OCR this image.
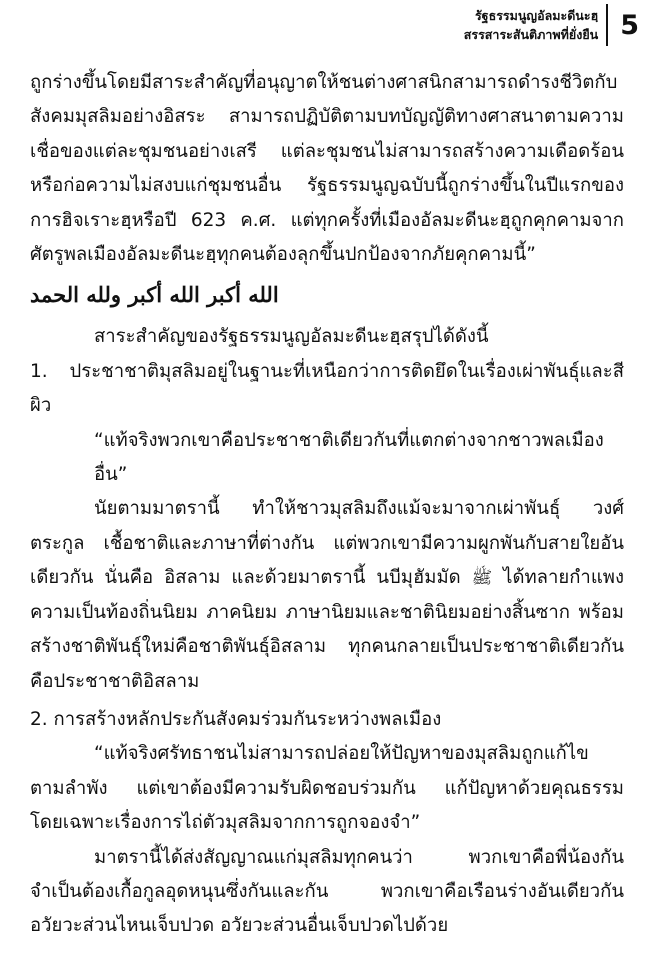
รัฐธรรมนูญอัลมะดีนะฮฺ
สรรสาระสันติภาพที่ยั่งยืน 5

ถูกร่างขึ้นโดยมีสาระสำคัญที่อนุญาตให้ชนต่างศาสนิกสามารถดำรงชีวิตกับ

สังคมมุสลิมอย่างอิสระ สามารถปฏิบัติตามบทบัญญัติทางศาสนาตามความ

เชื่อของแต่ละชุมชนอย่างเสรี แต่ละชุมชนไม่สามารถสร้างความเดือดร้อน

หรือก่อความไม่สงบแก่ชุมชนอื่น รัฐธรรมนูญฉบับนี้ถูกร่างขึ้นในปีแรกของ

การฮิจเราะฮฺหรือปี 623 ค.ศ. แต่ทุกครั้งที่เมืองอัลมะดีนะฮฺถูกคุกคามจาก

ศัตรูพลเมืองอัลมะดีนะฮฺทุกคนต้องลุกขึ้นปกป้องจากภัยคุกคามนี้”

الله أكبر الله أكبر ولله الحمد

สาระสำคัญของรัฐธรรมนูญอัลมะดีนะฮฺสรุปได้ดังนี้

1. ประชาชาติมุสลิมอยู่ในฐานะที่เหนือกว่าการติดยึดในเรื่องเผ่าพันธุ์และสีผิว

“แท้จริงพวกเขาคือประชาชาติเดียวกันที่แตกต่างจากชาวพลเมืองอื่น”

นัยตามมาตรานี้ ทำให้ชาวมุสลิมถึงแม้จะมาจากเผ่าพันธุ์ วงศ์

ตระกูล เชื้อชาติและภาษาที่ต่างกัน แต่พวกเขามีความผูกพันกับสายใยอัน

เดียวกัน นั่นคือ อิสลาม และด้วยมาตรานี้ นบีมุฮัมมัด ﷺ ได้ทลายกำแพง

ความเป็นท้องถิ่นนิยม ภาคนิยม ภาษานิยมและชาตินิยมอย่างสิ้นซาก พร้อม

สร้างชาติพันธุ์ใหม่คือชาติพันธุ์อิสลาม ทุกคนกลายเป็นประชาชาติเดียวกัน

คือประชาชาติอิสลาม

2. การสร้างหลักประกันสังคมร่วมกันระหว่างพลเมือง

“แท้จริงศรัทธาชนไม่สามารถปล่อยให้ปัญหาของมุสลิมถูกแก้ไข

ตามลำพัง แต่เขาต้องมีความรับผิดชอบร่วมกัน แก้ปัญหาด้วยคุณธรรม

โดยเฉพาะเรื่องการไถ่ตัวมุสลิมจากการถูกจองจำ”

มาตรานี้ได้ส่งสัญญาณแก่มุสลิมทุกคนว่า พวกเขาคือพี่น้องกัน

จำเป็นต้องเกื้อกูลอุดหนุนซึ่งกันและกัน พวกเขาคือเรือนร่างอันเดียวกัน

อวัยวะส่วนไหนเจ็บปวด อวัยวะส่วนอื่นเจ็บปวดไปด้วย
